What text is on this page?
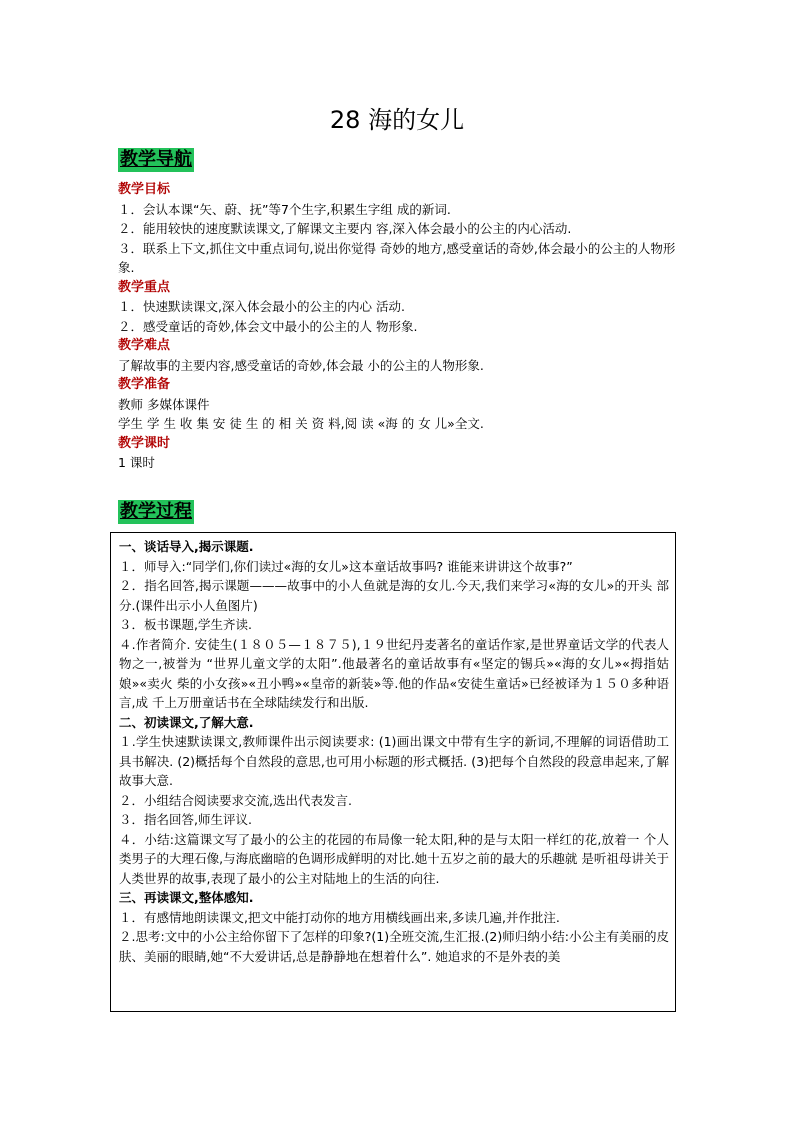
28 海的女儿
教学导航
教学目标
１．会认本课“矢、蔚、抚”等7个生字,积累生字组 成的新词.
２．能用较快的速度默读课文,了解课文主要内 容,深入体会最小的公主的内心活动.
３．联系上下文,抓住文中重点词句,说出你觉得 奇妙的地方,感受童话的奇妙,体会最小的公主的人物形象.
教学重点
１．快速默读课文,深入体会最小的公主的内心 活动.
２．感受童话的奇妙,体会文中最小的公主的人 物形象.
教学难点
了解故事的主要内容,感受童话的奇妙,体会最 小的公主的人物形象.
教学准备
教师 多媒体课件
学生 学 生 收 集 安 徒 生 的 相 关 资 料,阅 读 «海 的 女 儿»全文.
教学课时
1 课时
教学过程
一、谈话导入,揭示课题.
１．师导入:“同学们,你们读过«海的女儿»这本童话故事吗? 谁能来讲讲这个故事?”
２．指名回答,揭示课题———故事中的小人鱼就是海的女儿.今天,我们来学习«海的女儿»的开头 部分.(课件出示小人鱼图片)
３．板书课题,学生齐读.
４.作者简介. 安徒生(１８０５—１８７５),１９世纪丹麦著名的童话作家,是世界童话文学的代表人物之一,被誉为 “世界儿童文学的太阳”.他最著名的童话故事有«坚定的锡兵»«海的女儿»«拇指姑娘»«卖火 柴的小女孩»«丑小鸭»«皇帝的新装»等.他的作品«安徒生童话»已经被译为１５０多种语言,成 千上万册童话书在全球陆续发行和出版.
二、初读课文,了解大意.
１.学生快速默读课文,教师课件出示阅读要求: (1)画出课文中带有生字的新词,不理解的词语借助工具书解决. (2)概括每个自然段的意思,也可用小标题的形式概括. (3)把每个自然段的段意串起来,了解故事大意.
２．小组结合阅读要求交流,选出代表发言.
３．指名回答,师生评议.
４．小结:这篇课文写了最小的公主的花园的布局像一轮太阳,种的是与太阳一样红的花,放着一 个人类男子的大理石像,与海底幽暗的色调形成鲜明的对比.她十五岁之前的最大的乐趣就 是听祖母讲关于人类世界的故事,表现了最小的公主对陆地上的生活的向往.
三、再读课文,整体感知.
１．有感情地朗读课文,把文中能打动你的地方用横线画出来,多读几遍,并作批注.
２.思考:文中的小公主给你留下了怎样的印象?(1)全班交流,生汇报.(2)师归纳小结:小公主有美丽的皮肤、美丽的眼睛,她“不大爱讲话,总是静静地在想着什么”. 她追求的不是外表的美
